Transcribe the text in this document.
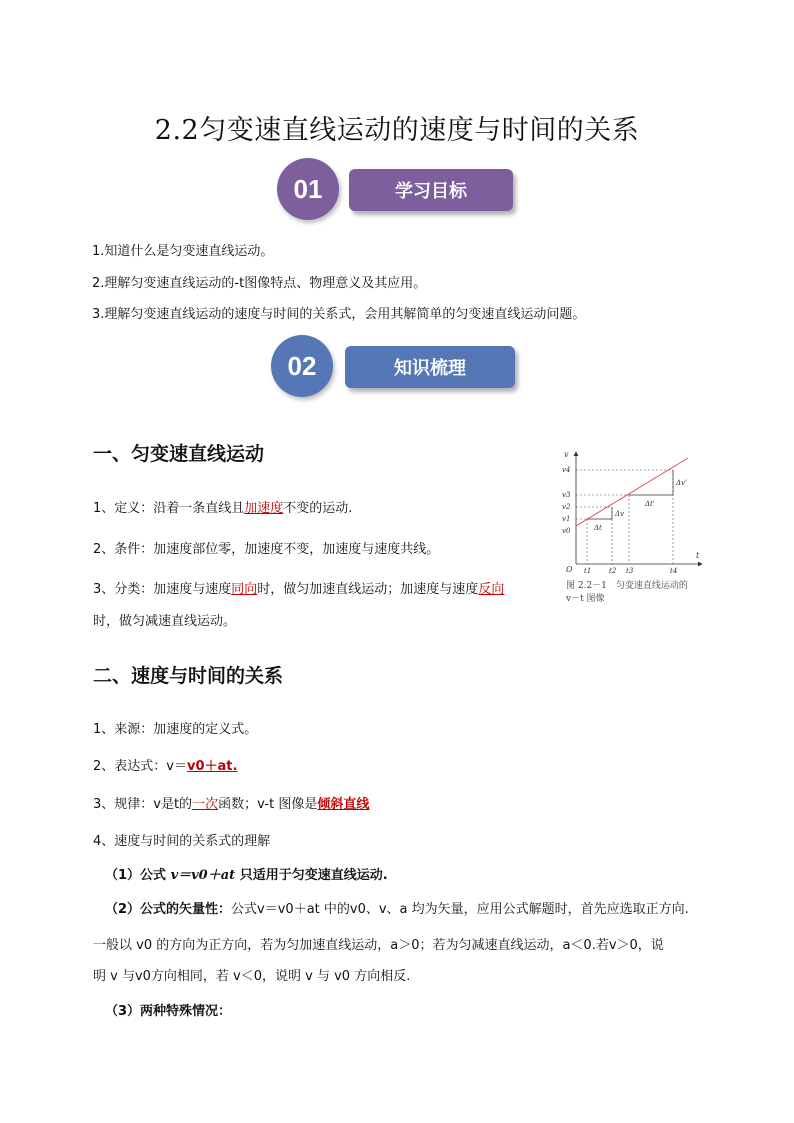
2.2匀变速直线运动的速度与时间的关系
学习目标
01
1.知道什么是匀变速直线运动。
2.理解匀变速直线运动的-t图像特点、物理意义及其应用。
3.理解匀变速直线运动的速度与时间的关系式，会用其解简单的匀变速直线运动问题。
知识梳理
02
一、匀变速直线运动
1、定义：沿着一条直线且加速度不变的运动.
2、条件：加速度部位零，加速度不变，加速度与速度共线。
3、分类：加速度与速度同向时，做匀加速直线运动；加速度与速度反向
时，做匀减速直线运动。
v
t
O
v4
v3
v2
v1
v0
t1	t2 t3	t4
Δt
Δv
Δt'
Δv'
图 2.2－1　匀变速直线运动的
v－t 图像
二、速度与时间的关系
1、来源：加速度的定义式。
2、表达式：v＝v0＋at.
3、规律：v是t的一次函数；v-t 图像是倾斜直线
4、速度与时间的关系式的理解
（1）公式 v＝v0＋at 只适用于匀变速直线运动.
（2）公式的矢量性：公式v＝v0＋at 中的v0、v、a 均为矢量，应用公式解题时，首先应选取正方向.
一般以 v0 的方向为正方向，若为匀加速直线运动，a＞0；若为匀减速直线运动，a＜0.若v＞0，说
明 v 与v0方向相同，若 v＜0，说明 v 与 v0 方向相反.
（3）两种特殊情况：
